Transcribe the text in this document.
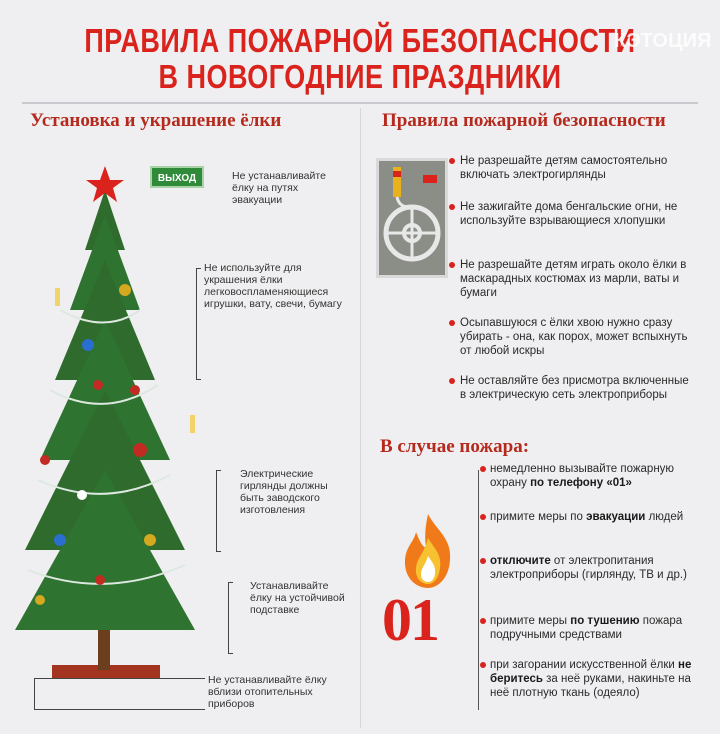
ПРАВИЛА ПОЖАРНОЙ БЕЗОПАСНОСТИ
В НОВОГОДНИЕ ПРАЗДНИКИ
КЭТОЦИЯ
Установка и украшение ёлки	Правила пожарной безопасности
ВЫХОД	Не устанавливайте ёлку на путях эвакуации
Не используйте для украшения ёлки легковоспламеняющиеся игрушки, вату, свечи, бумагу
Электрические гирлянды должны быть заводского изготовления
Устанавливайте ёлку на устойчивой подставке
Не устанавливайте ёлку вблизи отопительных приборов
Не разрешайте детям самостоятельно включать электрогирлянды
Не зажигайте дома бенгальские огни, не используйте взрывающиеся хлопушки
Не разрешайте детям играть около ёлки в маскарадных костюмах из марли, ваты и бумаги
Осыпавшуюся с ёлки хвою нужно сразу убирать - она, как порох, может вспыхнуть от любой искры
Не оставляйте без присмотра включенные в электрическую сеть электроприборы
В случае пожара:
01
немедленно вызывайте пожарную охрану по телефону «01»
примите меры по эвакуации людей
отключите от электропитания электроприборы (гирлянду, ТВ и др.)
примите меры по тушению пожара подручными средствами
при загорании искусственной ёлки не беритесь за неё руками, накиньте на неё плотную ткань (одеяло)
